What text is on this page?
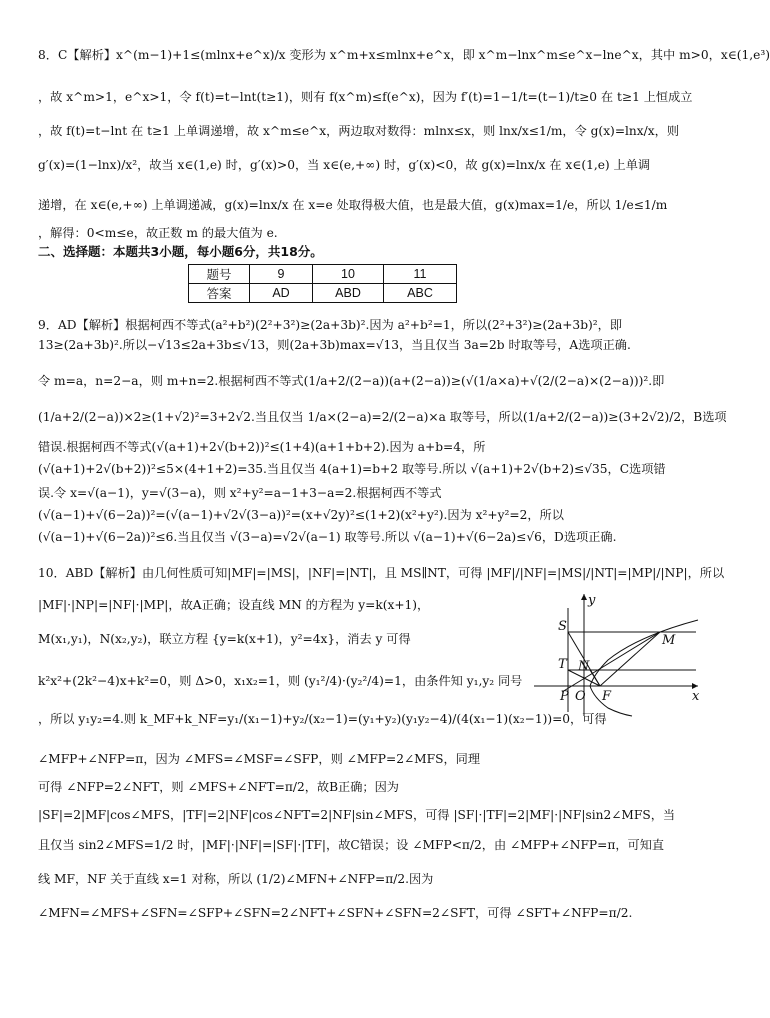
8．C【解析】x^(m−1)+1≤(mlnx+e^x)/x 变形为 x^m+x≤mlnx+e^x，即 x^m−lnx^m≤e^x−lne^x，其中 m>0，x∈(1,e³)
，故 x^m>1，e^x>1，令 f(t)=t−lnt(t≥1)，则有 f(x^m)≤f(e^x)，因为 f′(t)=1−1/t=(t−1)/t≥0 在 t≥1 上恒成立
，故 f(t)=t−lnt 在 t≥1 上单调递增，故 x^m≤e^x，两边取对数得：mlnx≤x，则 lnx/x≤1/m，令 g(x)=lnx/x，则
g′(x)=(1−lnx)/x²，故当 x∈(1,e) 时，g′(x)>0，当 x∈(e,+∞) 时，g′(x)<0，故 g(x)=lnx/x 在 x∈(1,e) 上单调
递增，在 x∈(e,+∞) 上单调递减，g(x)=lnx/x 在 x=e 处取得极大值，也是最大值，g(x)max=1/e，所以 1/e≤1/m
，解得：0<m≤e，故正数 m 的最大值为 e.
二、选择题：本题共3小题，每小题6分，共18分。
题号	9	10	11
答案	AD	ABD	ABC
9．AD【解析】根据柯西不等式(a²+b²)(2²+3²)≥(2a+3b)².因为 a²+b²=1，所以(2²+3²)≥(2a+3b)²，即
13≥(2a+3b)².所以−√13≤2a+3b≤√13，则(2a+3b)max=√13，当且仅当 3a=2b 时取等号，A选项正确.
令 m=a，n=2−a，则 m+n=2.根据柯西不等式(1/a+2/(2−a))(a+(2−a))≥(√(1/a×a)+√(2/(2−a)×(2−a)))².即
(1/a+2/(2−a))×2≥(1+√2)²=3+2√2.当且仅当 1/a×(2−a)=2/(2−a)×a 取等号，所以(1/a+2/(2−a))≥(3+2√2)/2，B选项
错误.根据柯西不等式(√(a+1)+2√(b+2))²≤(1+4)(a+1+b+2).因为 a+b=4，所
(√(a+1)+2√(b+2))²≤5×(4+1+2)=35.当且仅当 4(a+1)=b+2 取等号.所以 √(a+1)+2√(b+2)≤√35，C选项错
误.令 x=√(a−1)，y=√(3−a)，则 x²+y²=a−1+3−a=2.根据柯西不等式
(√(a−1)+√(6−2a))²=(√(a−1)+√2√(3−a))²=(x+√2y)²≤(1+2)(x²+y²).因为 x²+y²=2，所以
(√(a−1)+√(6−2a))²≤6.当且仅当 √(3−a)=√2√(a−1) 取等号.所以 √(a−1)+√(6−2a)≤√6，D选项正确.
10．ABD【解析】由几何性质可知|MF|=|MS|，|NF|=|NT|，且 MS∥NT，可得 |MF|/|NF|=|MS|/|NT|=|MP|/|NP|，所以
|MF|·|NP|=|NF|·|MP|，故A正确；设直线 MN 的方程为 y=k(x+1)，
M(x₁,y₁)，N(x₂,y₂)，联立方程 {y=k(x+1)，y²=4x}，消去 y 可得
k²x²+(2k²−4)x+k²=0，则 Δ>0，x₁x₂=1，则 (y₁²/4)·(y₂²/4)=1，由条件知 y₁,y₂ 同号
，所以 y₁y₂=4.则 k_MF+k_NF=y₁/(x₁−1)+y₂/(x₂−1)=(y₁+y₂)(y₁y₂−4)/(4(x₁−1)(x₂−1))=0，可得
∠MFP+∠NFP=π，因为 ∠MFS=∠MSF=∠SFP，则 ∠MFP=2∠MFS，同理
可得 ∠NFP=2∠NFT，则 ∠MFS+∠NFT=π/2，故B正确；因为
|SF|=2|MF|cos∠MFS，|TF|=2|NF|cos∠NFT=2|NF|sin∠MFS，可得 |SF|·|TF|=2|MF|·|NF|sin2∠MFS，当
且仅当 sin2∠MFS=1/2 时，|MF|·|NF|=|SF|·|TF|，故C错误；设 ∠MFP<π/2，由 ∠MFP+∠NFP=π，可知直
线 MF，NF 关于直线 x=1 对称，所以 (1/2)∠MFN+∠NFP=π/2.因为
∠MFN=∠MFS+∠SFN=∠SFP+∠SFN=2∠NFT+∠SFN+∠SFN=2∠SFT，可得 ∠SFT+∠NFP=π/2.
y
x
S
M
T N
P O F
